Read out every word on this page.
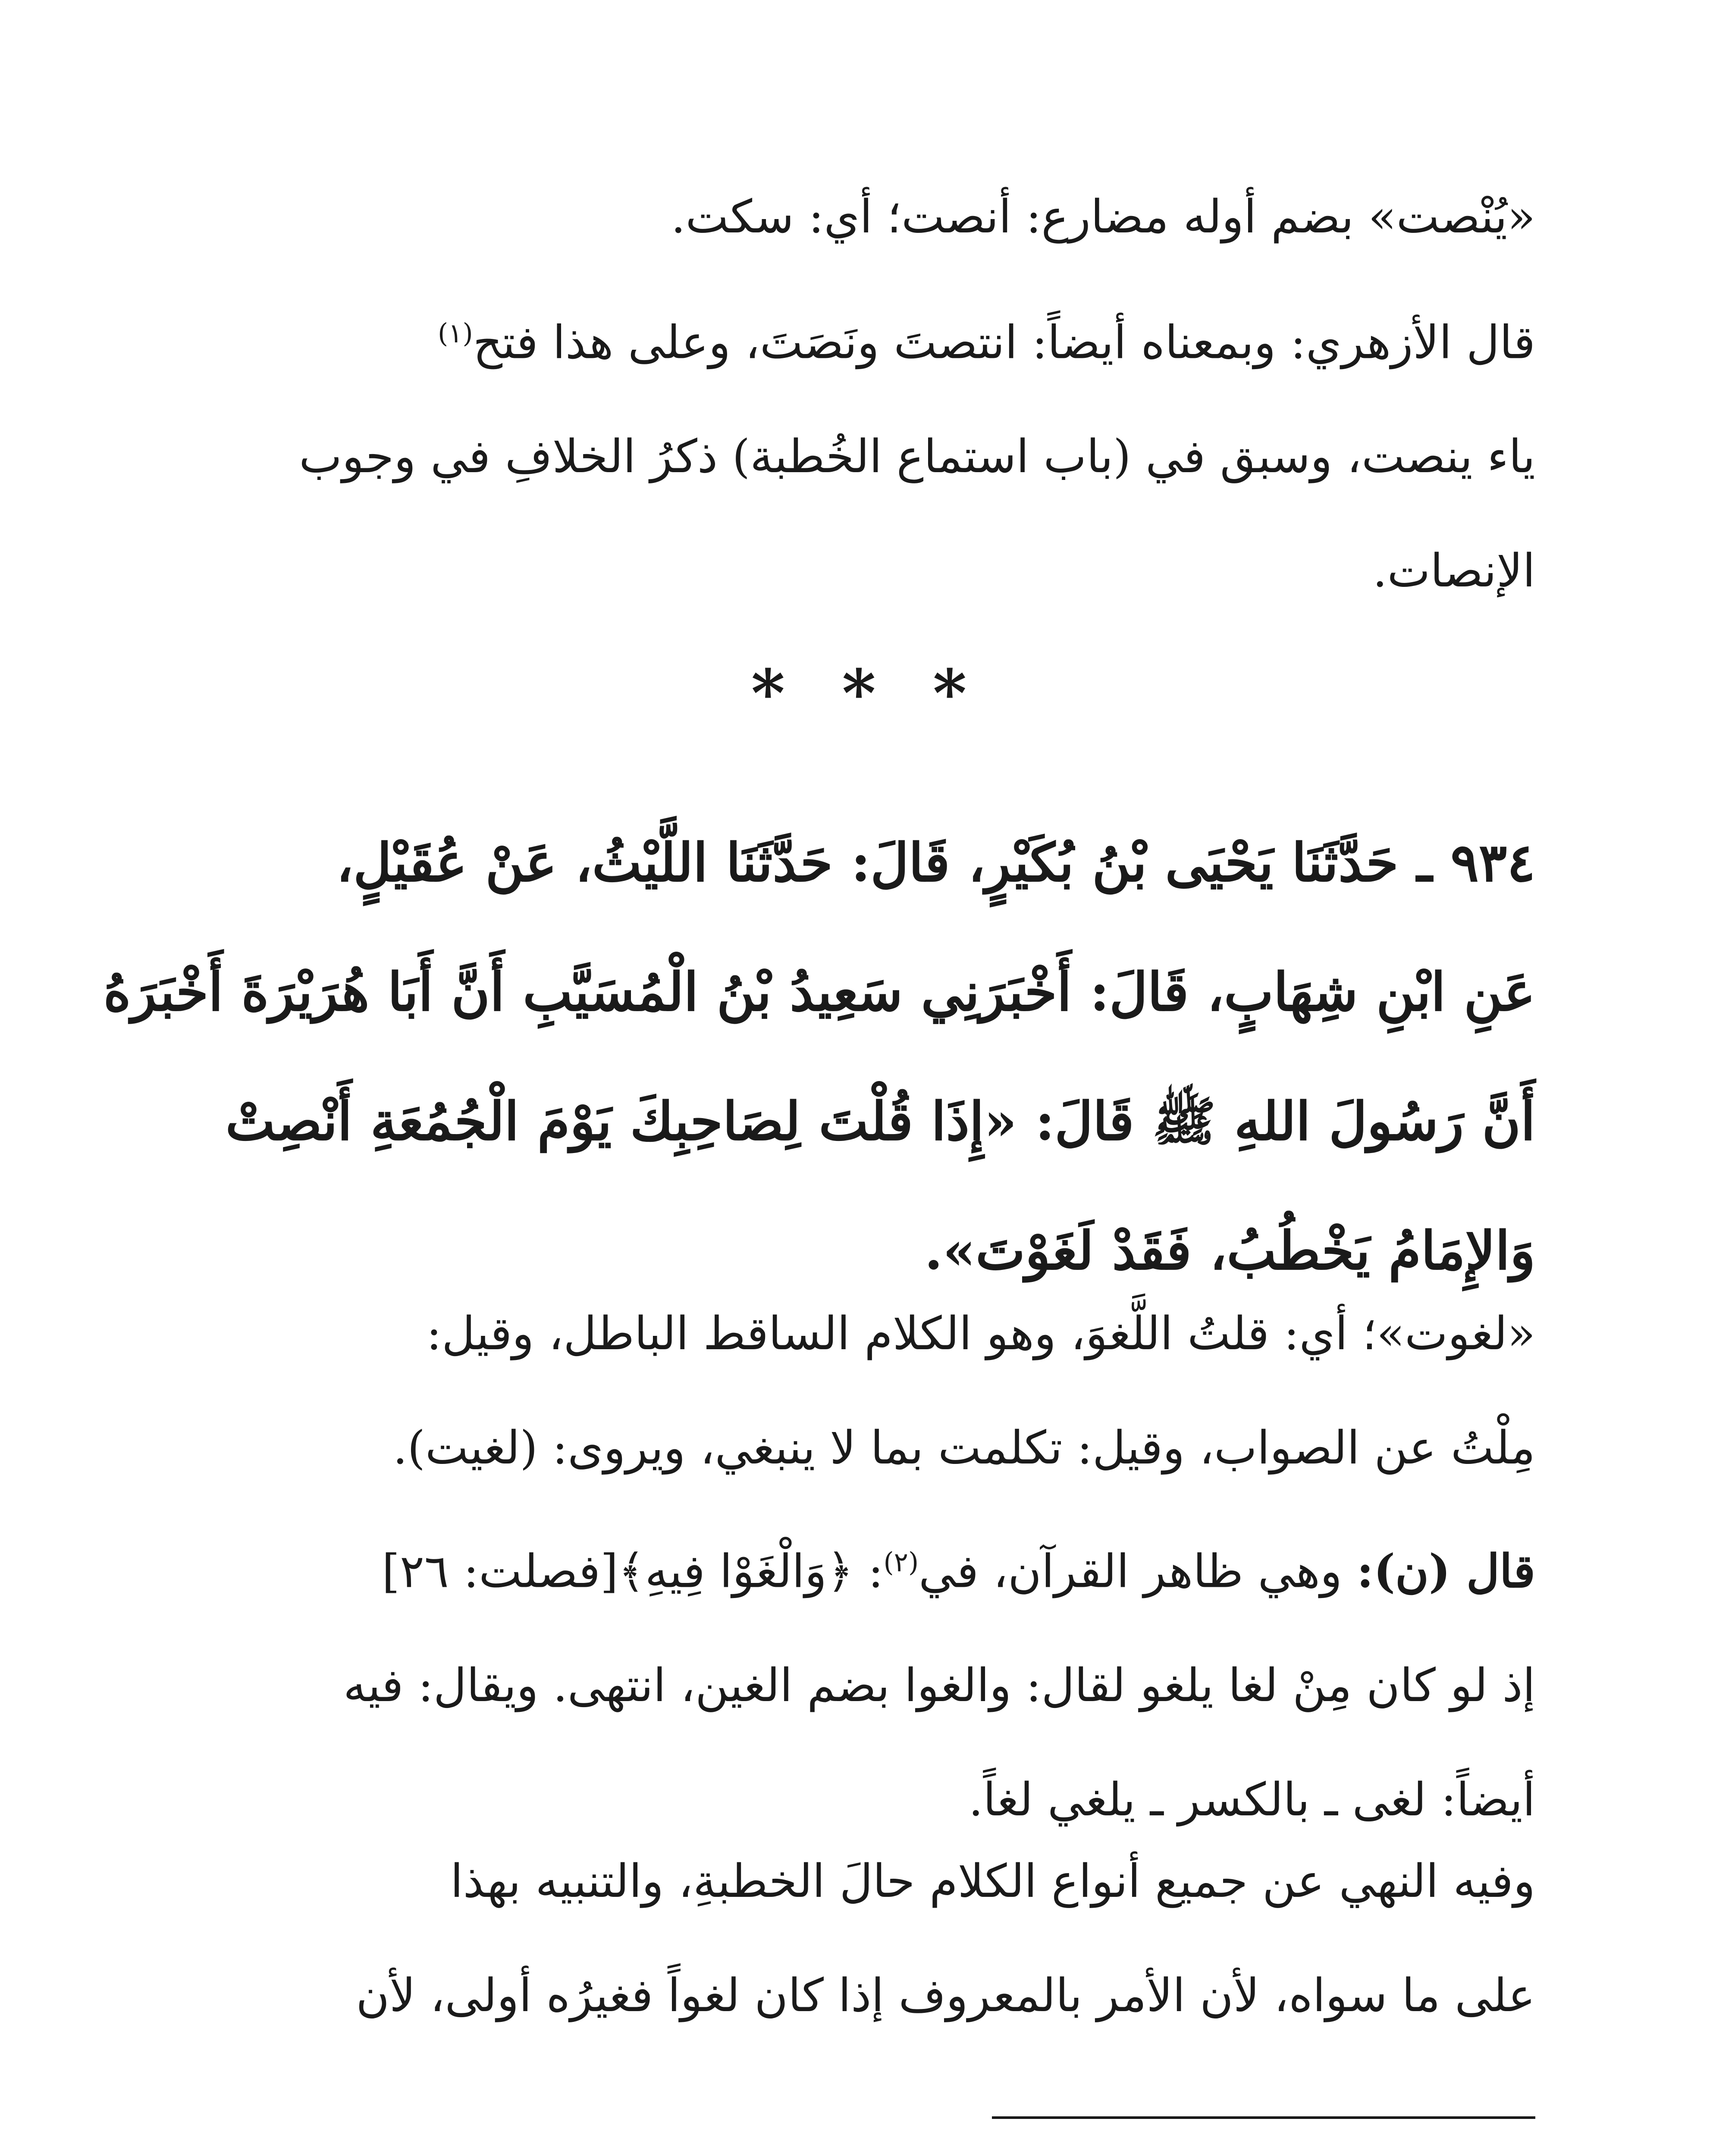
«يُنْصت» بضم أوله مضارع: أنصت؛ أي: سكت.
قال الأزهري: وبمعناه أيضاً: انتصتَ ونَصَتَ، وعلى هذا فتح$^{(١)}$
ياء ينصت، وسبق في (باب استماع الخُطبة) ذكرُ الخلافِ في وجوب
الإنصات.
* * *
٩٣٤ ـ حَدَّثَنَا يَحْيَى بْنُ بُكَيْرٍ، قَالَ: حَدَّثَنَا اللَّيْثُ، عَنْ عُقَيْلٍ،
عَنِ ابْنِ شِهَابٍ، قَالَ: أَخْبَرَنِي سَعِيدُ بْنُ الْمُسَيَّبِ أَنَّ أَبَا هُرَيْرَةَ أَخْبَرَهُ
أَنَّ رَسُولَ اللهِ ﷺ قَالَ: «إِذَا قُلْتَ لِصَاحِبِكَ يَوْمَ الْجُمُعَةِ أَنْصِتْ
وَالإِمَامُ يَخْطُبُ، فَقَدْ لَغَوْتَ».
«لغوت»؛ أي: قلتُ اللَّغوَ، وهو الكلام الساقط الباطل، وقيل:
مِلْتُ عن الصواب، وقيل: تكلمت بما لا ينبغي، ويروى: (لغيت).
قال (ن): وهي ظاهر القرآن، في$^{(٢)}$: ﴿وَالْغَوْا فِيهِ﴾[فصلت: ٢٦]
إذ لو كان مِنْ لغا يلغو لقال: والغوا بضم الغين، انتهى. ويقال: فيه
أيضاً: لغى ـ بالكسر ـ يلغي لغاً.
وفيه النهي عن جميع أنواع الكلام حالَ الخطبةِ، والتنبيه بهذا
على ما سواه، لأن الأمر بالمعروف إذا كان لغواً فغيرُه أولى، لأن
